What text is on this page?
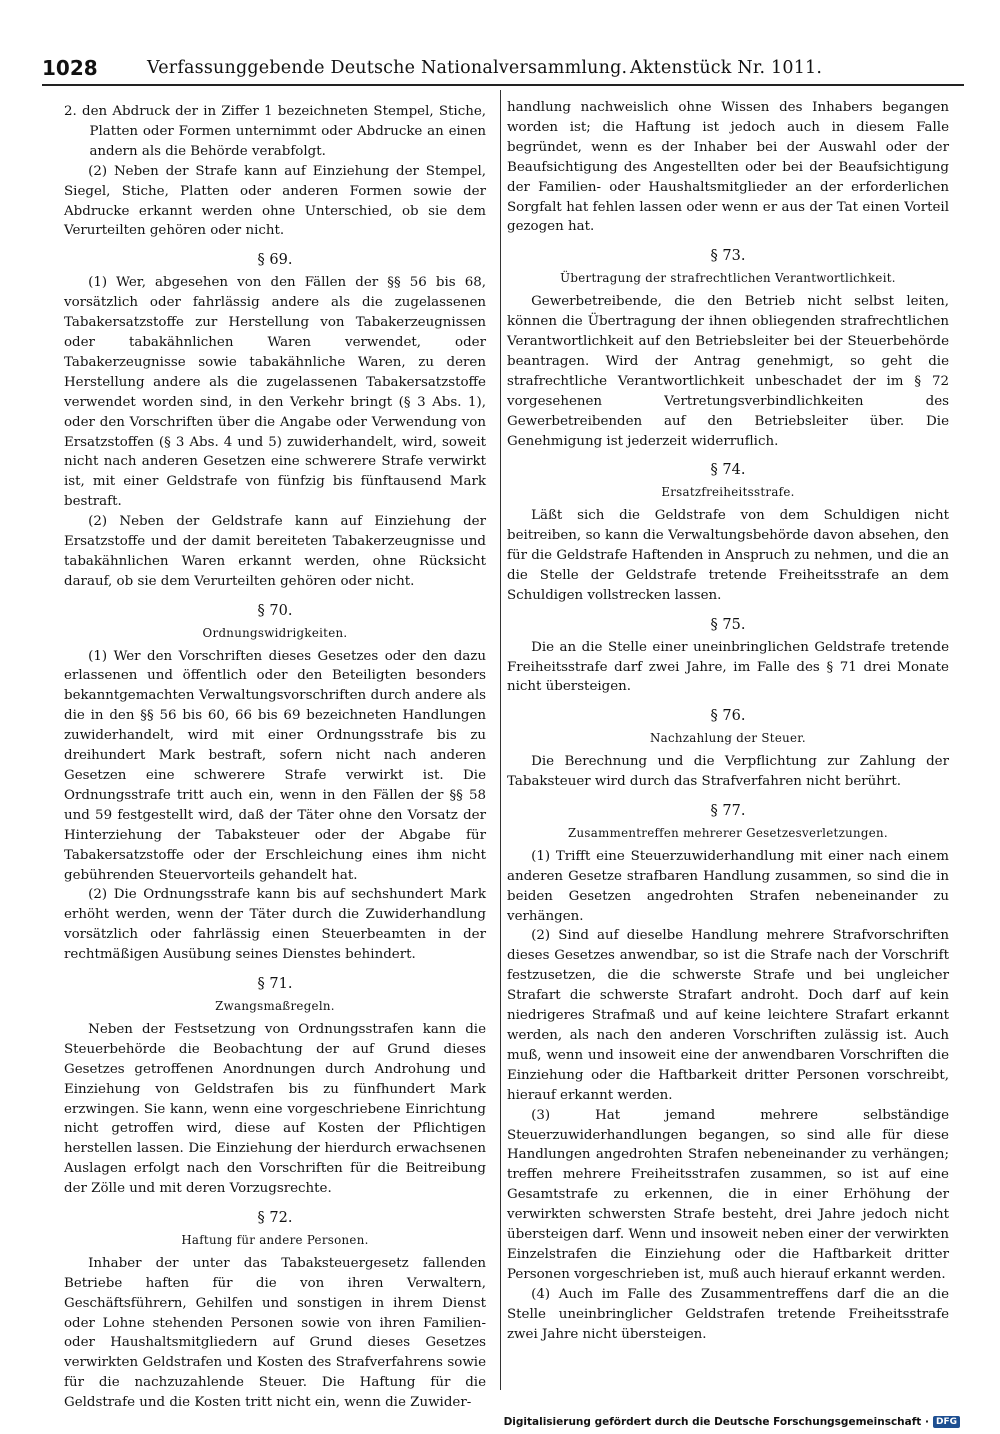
1028	Verfassunggebende Deutsche Nationalversammlung. Aktenstück Nr. 1011.

2. den Abdruck der in Ziffer 1 bezeichneten Stempel, Stiche, Platten oder Formen unternimmt oder Abdrucke an einen andern als die Behörde verabfolgt.

(2) Neben der Strafe kann auf Einziehung der Stempel, Siegel, Stiche, Platten oder anderen Formen sowie der Abdrucke erkannt werden ohne Unterschied, ob sie dem Verurteilten gehören oder nicht.

§ 69.

(1) Wer, abgesehen von den Fällen der §§ 56 bis 68, vorsätzlich oder fahrlässig andere als die zugelassenen Tabakersatzstoffe zur Herstellung von Tabakerzeugnissen oder tabakähnlichen Waren verwendet, oder Tabakerzeugnisse sowie tabakähnliche Waren, zu deren Herstellung andere als die zugelassenen Tabakersatzstoffe verwendet worden sind, in den Verkehr bringt (§ 3 Abs. 1), oder den Vorschriften über die Angabe oder Verwendung von Ersatzstoffen (§ 3 Abs. 4 und 5) zuwiderhandelt, wird, soweit nicht nach anderen Gesetzen eine schwerere Strafe verwirkt ist, mit einer Geldstrafe von fünfzig bis fünftausend Mark bestraft.

(2) Neben der Geldstrafe kann auf Einziehung der Ersatzstoffe und der damit bereiteten Tabakerzeugnisse und tabakähnlichen Waren erkannt werden, ohne Rücksicht darauf, ob sie dem Verurteilten gehören oder nicht.

§ 70.
Ordnungswidrigkeiten.

(1) Wer den Vorschriften dieses Gesetzes oder den dazu erlassenen und öffentlich oder den Beteiligten besonders bekanntgemachten Verwaltungsvorschriften durch andere als die in den §§ 56 bis 60, 66 bis 69 bezeichneten Handlungen zuwiderhandelt, wird mit einer Ordnungsstrafe bis zu dreihundert Mark bestraft, sofern nicht nach anderen Gesetzen eine schwerere Strafe verwirkt ist. Die Ordnungsstrafe tritt auch ein, wenn in den Fällen der §§ 58 und 59 festgestellt wird, daß der Täter ohne den Vorsatz der Hinterziehung der Tabaksteuer oder der Abgabe für Tabakersatzstoffe oder der Erschleichung eines ihm nicht gebührenden Steuervorteils gehandelt hat.

(2) Die Ordnungsstrafe kann bis auf sechshundert Mark erhöht werden, wenn der Täter durch die Zuwiderhandlung vorsätzlich oder fahrlässig einen Steuerbeamten in der rechtmäßigen Ausübung seines Dienstes behindert.

§ 71.
Zwangsmaßregeln.

Neben der Festsetzung von Ordnungsstrafen kann die Steuerbehörde die Beobachtung der auf Grund dieses Gesetzes getroffenen Anordnungen durch Androhung und Einziehung von Geldstrafen bis zu fünfhundert Mark erzwingen. Sie kann, wenn eine vorgeschriebene Einrichtung nicht getroffen wird, diese auf Kosten der Pflichtigen herstellen lassen. Die Einziehung der hierdurch erwachsenen Auslagen erfolgt nach den Vorschriften für die Beitreibung der Zölle und mit deren Vorzugsrechte.

§ 72.
Haftung für andere Personen.

Inhaber der unter das Tabaksteuergesetz fallenden Betriebe haften für die von ihren Verwaltern, Geschäftsführern, Gehilfen und sonstigen in ihrem Dienst oder Lohne stehenden Personen sowie von ihren Familien- oder Haushaltsmitgliedern auf Grund dieses Gesetzes verwirkten Geldstrafen und Kosten des Strafverfahrens sowie für die nachzuzahlende Steuer. Die Haftung für die Geldstrafe und die Kosten tritt nicht ein, wenn die Zuwider-

handlung nachweislich ohne Wissen des Inhabers begangen worden ist; die Haftung ist jedoch auch in diesem Falle begründet, wenn es der Inhaber bei der Auswahl oder der Beaufsichtigung des Angestellten oder bei der Beaufsichtigung der Familien- oder Haushaltsmitglieder an der erforderlichen Sorgfalt hat fehlen lassen oder wenn er aus der Tat einen Vorteil gezogen hat.

§ 73.
Übertragung der strafrechtlichen Verantwortlichkeit.

Gewerbetreibende, die den Betrieb nicht selbst leiten, können die Übertragung der ihnen obliegenden strafrechtlichen Verantwortlichkeit auf den Betriebsleiter bei der Steuerbehörde beantragen. Wird der Antrag genehmigt, so geht die strafrechtliche Verantwortlichkeit unbeschadet der im § 72 vorgesehenen Vertretungsverbindlichkeiten des Gewerbetreibenden auf den Betriebsleiter über. Die Genehmigung ist jederzeit widerruflich.

§ 74.
Ersatzfreiheitsstrafe.

Läßt sich die Geldstrafe von dem Schuldigen nicht beitreiben, so kann die Verwaltungsbehörde davon absehen, den für die Geldstrafe Haftenden in Anspruch zu nehmen, und die an die Stelle der Geldstrafe tretende Freiheitsstrafe an dem Schuldigen vollstrecken lassen.

§ 75.

Die an die Stelle einer uneinbringlichen Geldstrafe tretende Freiheitsstrafe darf zwei Jahre, im Falle des § 71 drei Monate nicht übersteigen.

§ 76.
Nachzahlung der Steuer.

Die Berechnung und die Verpflichtung zur Zahlung der Tabaksteuer wird durch das Strafverfahren nicht berührt.

§ 77.
Zusammentreffen mehrerer Gesetzesverletzungen.

(1) Trifft eine Steuerzuwiderhandlung mit einer nach einem anderen Gesetze strafbaren Handlung zusammen, so sind die in beiden Gesetzen angedrohten Strafen nebeneinander zu verhängen.

(2) Sind auf dieselbe Handlung mehrere Strafvorschriften dieses Gesetzes anwendbar, so ist die Strafe nach der Vorschrift festzusetzen, die die schwerste Strafe und bei ungleicher Strafart die schwerste Strafart androht. Doch darf auf kein niedrigeres Strafmaß und auf keine leichtere Strafart erkannt werden, als nach den anderen Vorschriften zulässig ist. Auch muß, wenn und insoweit eine der anwendbaren Vorschriften die Einziehung oder die Haftbarkeit dritter Personen vorschreibt, hierauf erkannt werden.

(3) Hat jemand mehrere selbständige Steuerzuwiderhandlungen begangen, so sind alle für diese Handlungen angedrohten Strafen nebeneinander zu verhängen; treffen mehrere Freiheitsstrafen zusammen, so ist auf eine Gesamtstrafe zu erkennen, die in einer Erhöhung der verwirkten schwersten Strafe besteht, drei Jahre jedoch nicht übersteigen darf. Wenn und insoweit neben einer der verwirkten Einzelstrafen die Einziehung oder die Haftbarkeit dritter Personen vorgeschrieben ist, muß auch hierauf erkannt werden.

(4) Auch im Falle des Zusammentreffens darf die an die Stelle uneinbringlicher Geldstrafen tretende Freiheitsstrafe zwei Jahre nicht übersteigen.

Digitalisierung gefördert durch die Deutsche Forschungsgemeinschaft · DFG
